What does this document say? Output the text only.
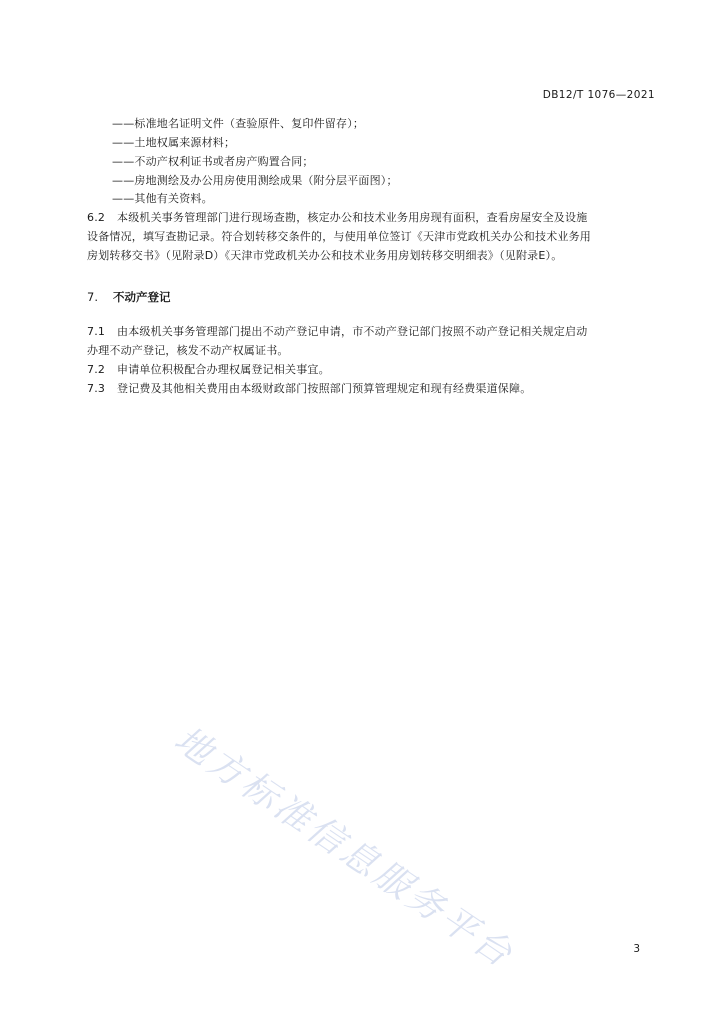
DB12/T 1076—2021
——标准地名证明文件（查验原件、复印件留存）；
——土地权属来源材料；
——不动产权利证书或者房产购置合同；
——房地测绘及办公用房使用测绘成果（附分层平面图）；
——其他有关资料。
6.2 本级机关事务管理部门进行现场查勘，核定办公和技术业务用房现有面积，查看房屋安全及设施
设备情况，填写查勘记录。符合划转移交条件的，与使用单位签订《天津市党政机关办公和技术业务用
房划转移交书》（见附录D）《天津市党政机关办公和技术业务用房划转移交明细表》（见附录E）。
7. 不动产登记
7.1 由本级机关事务管理部门提出不动产登记申请，市不动产登记部门按照不动产登记相关规定启动
办理不动产登记，核发不动产权属证书。
7.2 申请单位积极配合办理权属登记相关事宜。
7.3 登记费及其他相关费用由本级财政部门按照部门预算管理规定和现有经费渠道保障。
地方标准信息服务平台	3
